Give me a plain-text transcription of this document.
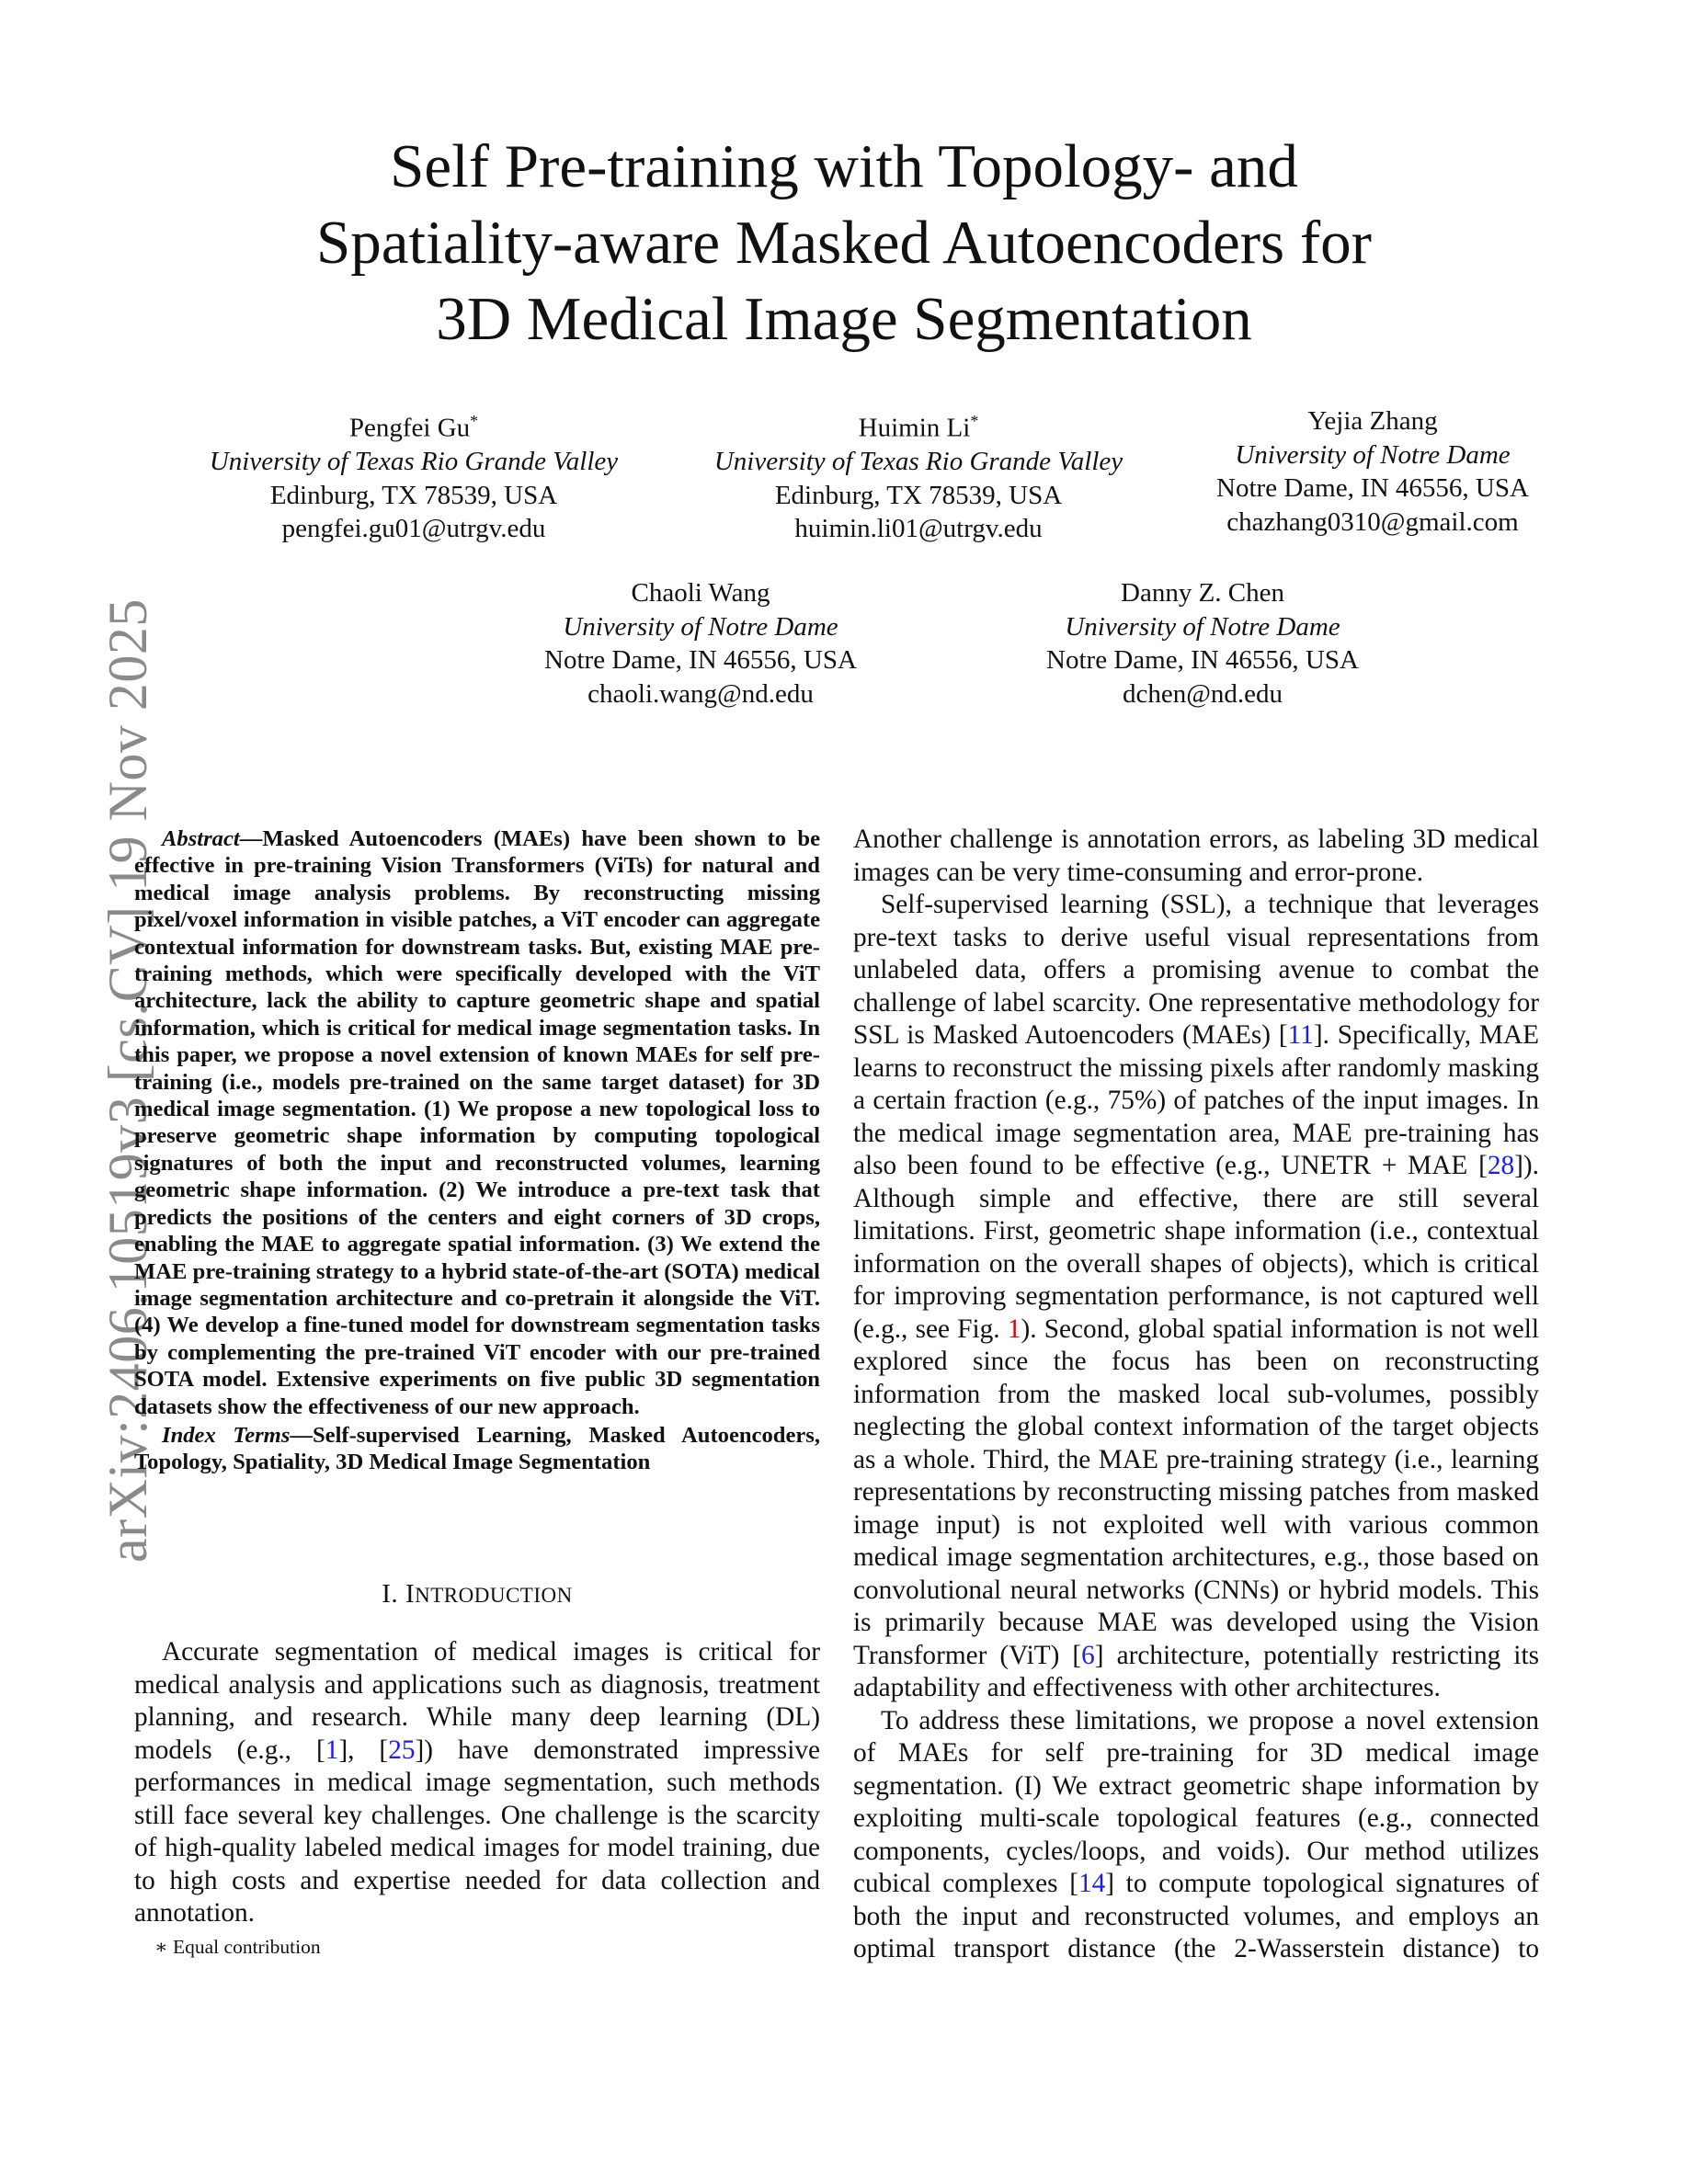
Self Pre-training with Topology- and
Spatiality-aware Masked Autoencoders for
3D Medical Image Segmentation
Pengfei Gu*
University of Texas Rio Grande Valley
Edinburg, TX 78539, USA
pengfei.gu01@utrgv.edu
Huimin Li*
University of Texas Rio Grande Valley
Edinburg, TX 78539, USA
huimin.li01@utrgv.edu
Yejia Zhang
University of Notre Dame
Notre Dame, IN 46556, USA
chazhang0310@gmail.com
Chaoli Wang
University of Notre Dame
Notre Dame, IN 46556, USA
chaoli.wang@nd.edu
Danny Z. Chen
University of Notre Dame
Notre Dame, IN 46556, USA
dchen@nd.edu
arXiv:2406.10519v3 [cs.CV] 19 Nov 2025 Abstract—Masked Autoencoders (MAEs) have been shown to be effective in pre-training Vision Transformers (ViTs) for natural and medical image analysis problems. By reconstructing missing pixel/voxel information in visible patches, a ViT encoder can aggregate contextual information for downstream tasks. But, existing MAE pre-training methods, which were specifically developed with the ViT architecture, lack the ability to capture geometric shape and spatial information, which is critical for medical image segmentation tasks. In this paper, we propose a novel extension of known MAEs for self pre-training (i.e., models pre-trained on the same target dataset) for 3D medical image segmentation. (1) We propose a new topological loss to preserve geometric shape information by computing topological signatures of both the input and reconstructed volumes, learning geometric shape information. (2) We introduce a pre-text task that predicts the positions of the centers and eight corners of 3D crops, enabling the MAE to aggregate spatial information. (3) We extend the MAE pre-training strategy to a hybrid state-of-the-art (SOTA) medical image segmentation architecture and co-pretrain it alongside the ViT. (4) We develop a fine-tuned model for downstream segmentation tasks by complementing the pre-trained ViT encoder with our pre-trained SOTA model. Extensive experiments on five public 3D segmentation datasets show the effectiveness of our new approach.

Index Terms—Self-supervised Learning, Masked Autoencoders, Topology, Spatiality, 3D Medical Image Segmentation

I. INTRODUCTION

Accurate segmentation of medical images is critical for medical analysis and applications such as diagnosis, treatment planning, and research. While many deep learning (DL) models (e.g., [1], [25]) have demonstrated impressive performances in medical image segmentation, such methods still face several key challenges. One challenge is the scarcity of high-quality labeled medical images for model training, due to high costs and expertise needed for data collection and annotation.

Another challenge is annotation errors, as labeling 3D medical images can be very time-consuming and error-prone.

Self-supervised learning (SSL), a technique that leverages pre-text tasks to derive useful visual representations from unlabeled data, offers a promising avenue to combat the challenge of label scarcity. One representative methodology for SSL is Masked Autoencoders (MAEs) [11]. Specifically, MAE learns to reconstruct the missing pixels after randomly masking a certain fraction (e.g., 75%) of patches of the input images. In the medical image segmentation area, MAE pre-training has also been found to be effective (e.g., UNETR + MAE [28]). Although simple and effective, there are still several limitations. First, geometric shape information (i.e., contextual information on the overall shapes of objects), which is critical for improving segmentation performance, is not captured well (e.g., see Fig. 1). Second, global spatial information is not well explored since the focus has been on reconstructing information from the masked local sub-volumes, possibly neglecting the global context information of the target objects as a whole. Third, the MAE pre-training strategy (i.e., learning representations by reconstructing missing patches from masked image input) is not exploited well with various common medical image segmentation architectures, e.g., those based on convolutional neural networks (CNNs) or hybrid models. This is primarily because MAE was developed using the Vision Transformer (ViT) [6] architecture, potentially restricting its adaptability and effectiveness with other architectures.

To address these limitations, we propose a novel extension of MAEs for self pre-training for 3D medical image segmentation. (I) We extract geometric shape information by exploiting multi-scale topological features (e.g., connected components, cycles/loops, and voids). Our method utilizes cubical complexes [14] to compute topological signatures of both the input and reconstructed volumes, and employs an optimal transport distance (the 2-Wasserstein distance) to

∗ Equal contribution
